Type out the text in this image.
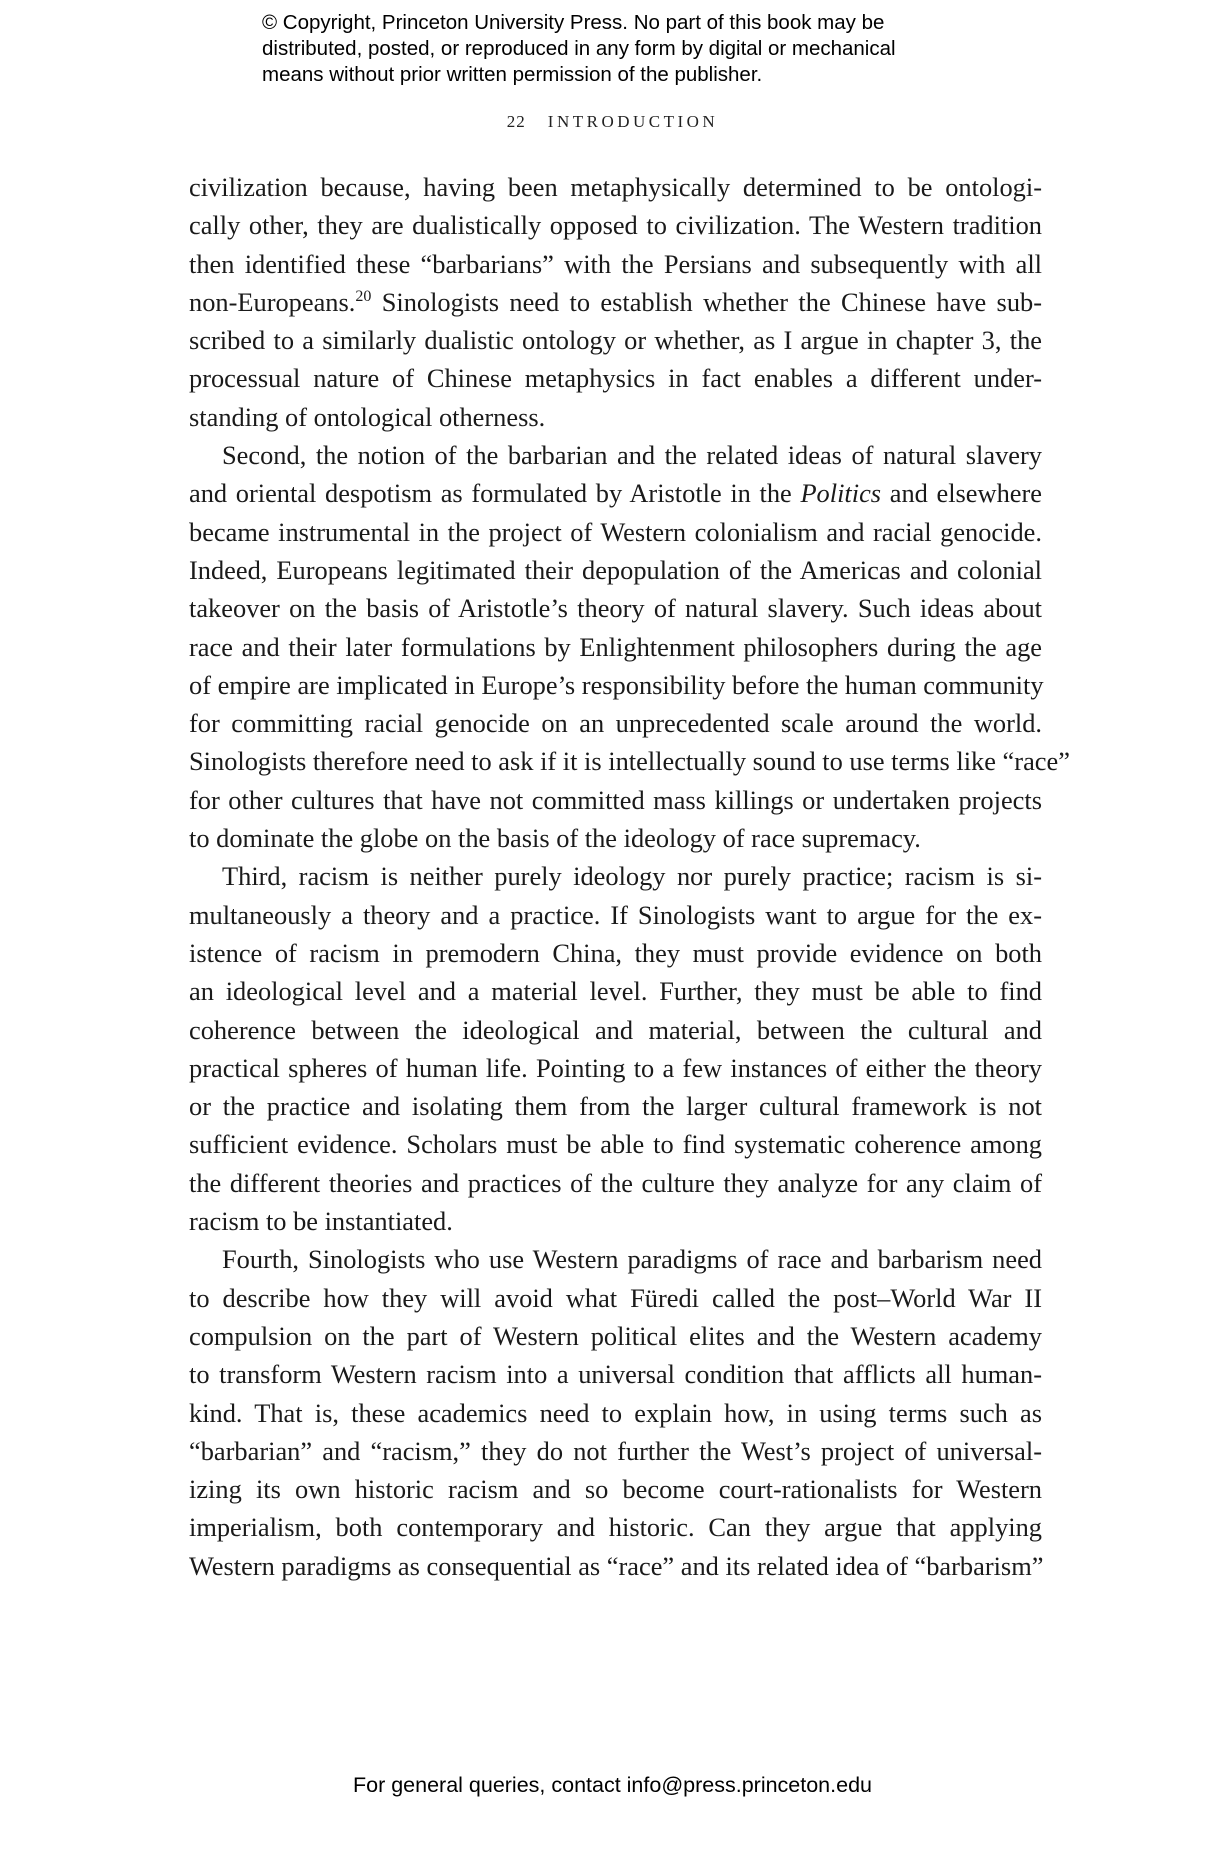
© Copyright, Princeton University Press. No part of this book may be
distributed, posted, or reproduced in any form by digital or mechanical
means without prior written permission of the publisher.
22 INTRODUCTION
civilization because, having been metaphysically determined to be ontologi-
cally other, they are dualistically opposed to civilization. The Western tradition
then identified these “barbarians” with the Persians and subsequently with all
non-Europeans.$^{20}$ Sinologists need to establish whether the Chinese have sub-
scribed to a similarly dualistic ontology or whether, as I argue in chapter 3, the
processual nature of Chinese metaphysics in fact enables a different under-
standing of ontological otherness.
Second, the notion of the barbarian and the related ideas of natural slavery
and oriental despotism as formulated by Aristotle in the Politics and elsewhere
became instrumental in the project of Western colonialism and racial genocide.
Indeed, Europeans legitimated their depopulation of the Americas and colonial
takeover on the basis of Aristotle’s theory of natural slavery. Such ideas about
race and their later formulations by Enlightenment philosophers during the age
of empire are implicated in Europe’s responsibility before the human community
for committing racial genocide on an unprecedented scale around the world.
Sinologists therefore need to ask if it is intellectually sound to use terms like “race”
for other cultures that have not committed mass killings or undertaken projects
to dominate the globe on the basis of the ideology of race supremacy.
Third, racism is neither purely ideology nor purely practice; racism is si-
multaneously a theory and a practice. If Sinologists want to argue for the ex-
istence of racism in premodern China, they must provide evidence on both
an ideological level and a material level. Further, they must be able to find
coherence between the ideological and material, between the cultural and
practical spheres of human life. Pointing to a few instances of either the theory
or the practice and isolating them from the larger cultural framework is not
sufficient evidence. Scholars must be able to find systematic coherence among
the different theories and practices of the culture they analyze for any claim of
racism to be instantiated.
Fourth, Sinologists who use Western paradigms of race and barbarism need
to describe how they will avoid what Füredi called the post–World War II
compulsion on the part of Western political elites and the Western academy
to transform Western racism into a universal condition that afflicts all human-
kind. That is, these academics need to explain how, in using terms such as
“barbarian” and “racism,” they do not further the West’s project of universal-
izing its own historic racism and so become court-rationalists for Western
imperialism, both contemporary and historic. Can they argue that applying
Western paradigms as consequential as “race” and its related idea of “barbarism”
For general queries, contact info@press.princeton.edu
